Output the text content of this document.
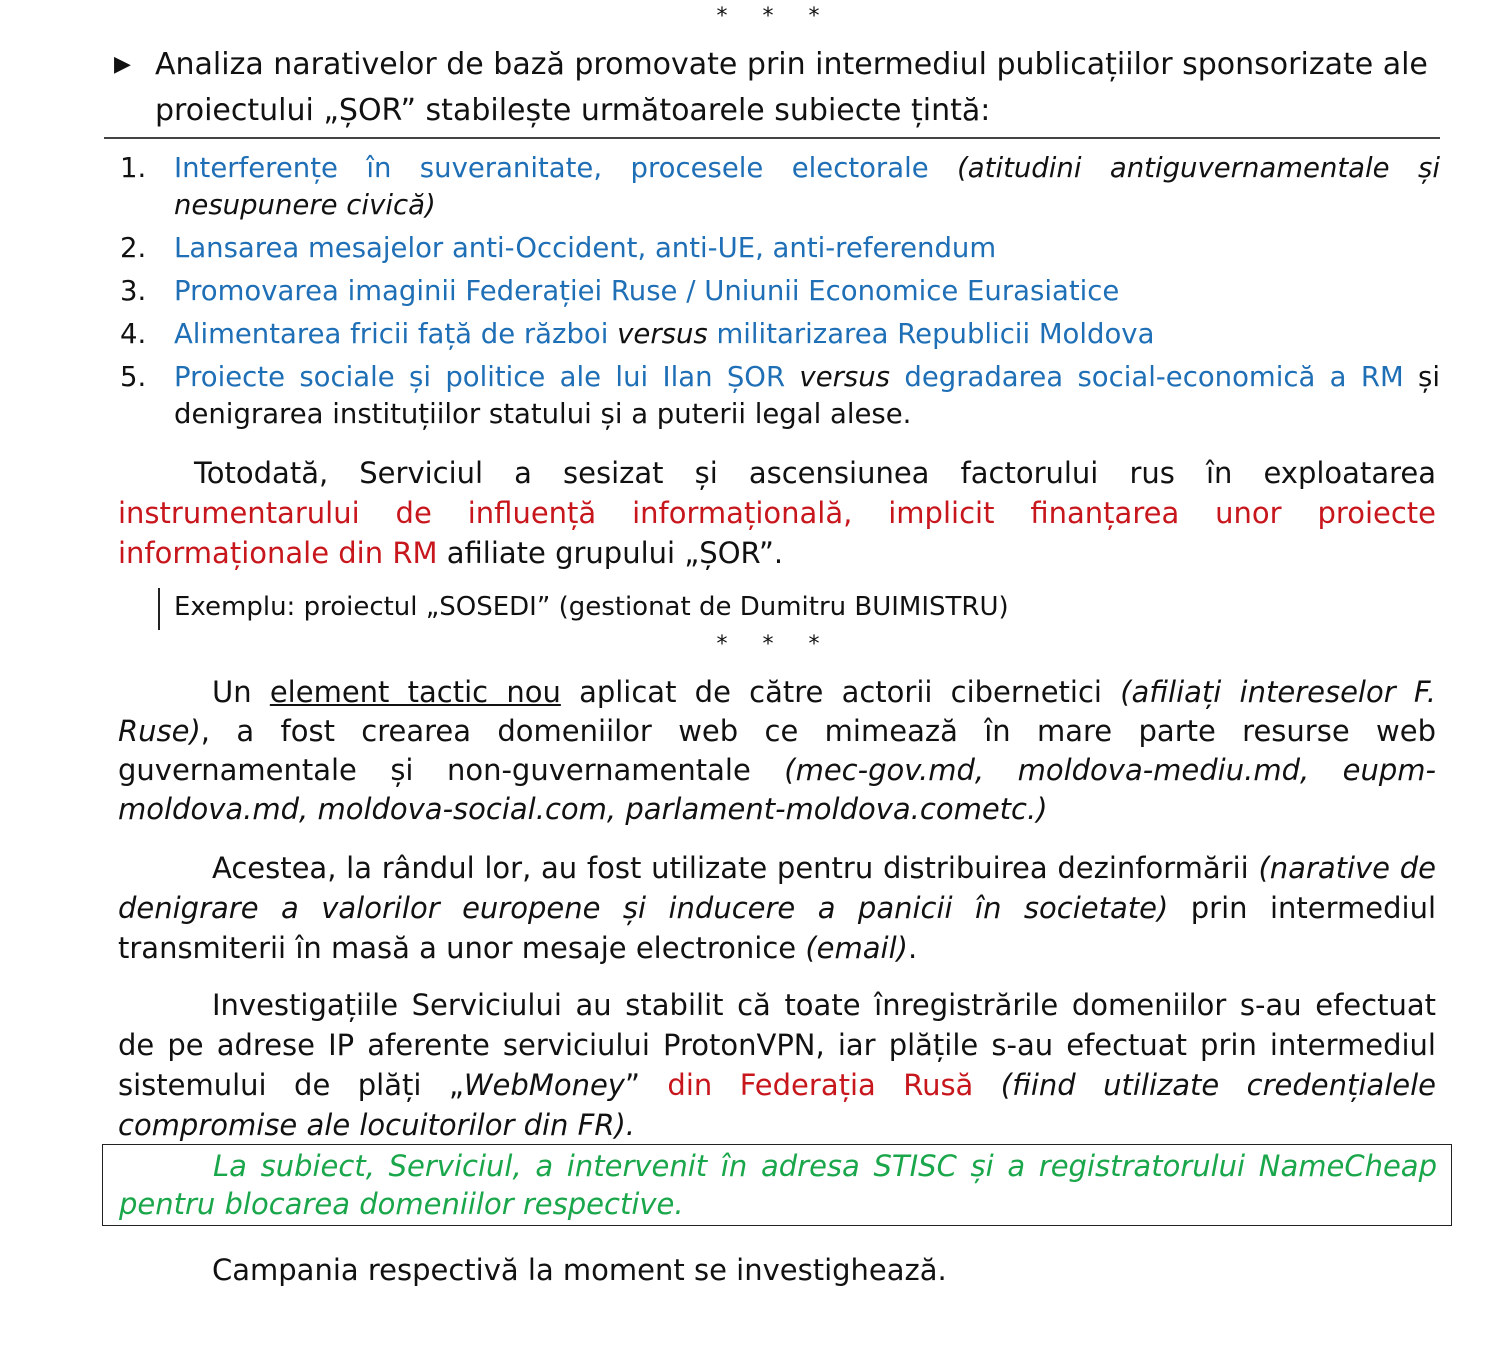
* * *
▶ Analiza narativelor de bază promovate prin intermediul publicațiilor sponsorizate ale proiectului „ȘOR” stabilește următoarele subiecte țintă:
1.	Interferențe în suveranitate, procesele electorale (atitudini antiguvernamentale și nesupunere civică)
2.	Lansarea mesajelor anti-Occident, anti-UE, anti-referendum
3.	Promovarea imaginii Federației Ruse / Uniunii Economice Eurasiatice
4.	Alimentarea fricii față de război versus militarizarea Republicii Moldova
5.	Proiecte sociale și politice ale lui Ilan ȘOR versus degradarea social-economică a RM și denigrarea instituțiilor statului și a puterii legal alese.
Totodată, Serviciul a sesizat și ascensiunea factorului rus în exploatarea instrumentarului de influență informațională, implicit finanțarea unor proiecte informaționale din RM afiliate grupului „ȘOR”.
Exemplu: proiectul „SOSEDI” (gestionat de Dumitru BUIMISTRU)
* * *
Un element tactic nou aplicat de către actorii cibernetici (afiliați intereselor F. Ruse), a fost crearea domeniilor web ce mimează în mare parte resurse web guvernamentale și non-guvernamentale (mec-gov.md, moldova-mediu.md, eupm-moldova.md, moldova-social.com, parlament-moldova.cometc.)
Acestea, la rândul lor, au fost utilizate pentru distribuirea dezinformării (narative de denigrare a valorilor europene și inducere a panicii în societate) prin intermediul transmiterii în masă a unor mesaje electronice (email).
Investigațiile Serviciului au stabilit că toate înregistrările domeniilor s-au efectuat de pe adrese IP aferente serviciului ProtonVPN, iar plățile s-au efectuat prin intermediul sistemului de plăți „WebMoney” din Federația Rusă (fiind utilizate credențialele compromise ale locuitorilor din FR).
La subiect, Serviciul, a intervenit în adresa STISC și a registratorului NameCheap pentru blocarea domeniilor respective.
Campania respectivă la moment se investighează.
